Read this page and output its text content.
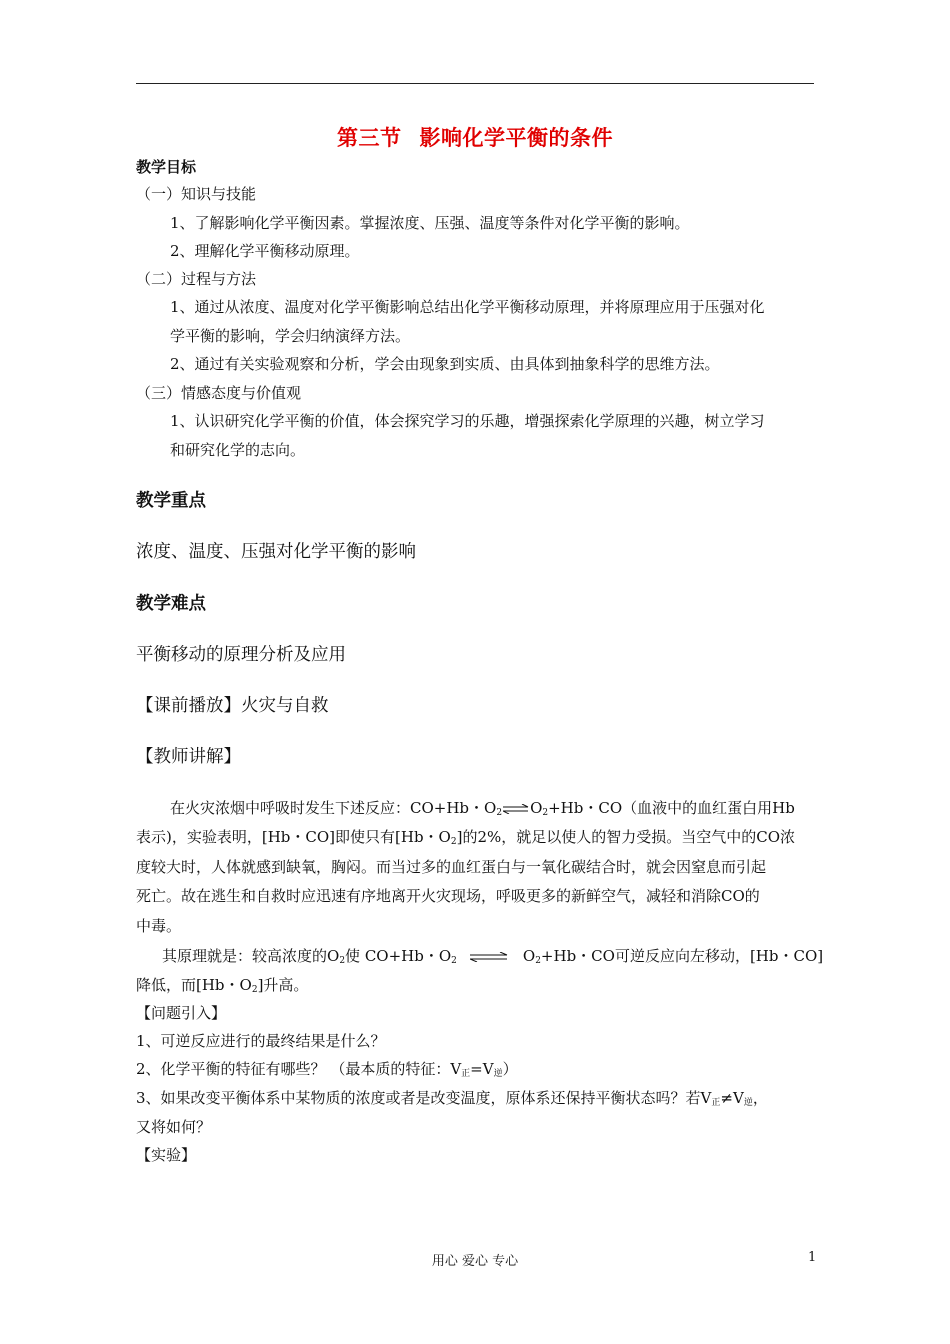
第三节 影响化学平衡的条件
教学目标
（一）知识与技能
1、了解影响化学平衡因素。掌握浓度、压强、温度等条件对化学平衡的影响。
2、理解化学平衡移动原理。
（二）过程与方法
1、通过从浓度、温度对化学平衡影响总结出化学平衡移动原理，并将原理应用于压强对化
学平衡的影响，学会归纳演绎方法。
2、通过有关实验观察和分析，学会由现象到实质、由具体到抽象科学的思维方法。
（三）情感态度与价值观
1、认识研究化学平衡的价值，体会探究学习的乐趣，增强探索化学原理的兴趣，树立学习
和研究化学的志向。
教学重点
浓度、温度、压强对化学平衡的影响
教学难点
平衡移动的原理分析及应用
【课前播放】火灾与自救
【教师讲解】
在火灾浓烟中呼吸时发生下述反应：CO+Hb・$O_2\rightleftharpoons O_2+Hb$・CO（血液中的血红蛋白用Hb
表示)，实验表明，[Hb・CO]即使只有[Hb・$O_2$]的2%，就足以使人的智力受损。当空气中的CO浓
度较大时，人体就感到缺氧，胸闷。而当过多的血红蛋白与一氧化碳结合时，就会因窒息而引起
死亡。故在逃生和自救时应迅速有序地离开火灾现场，呼吸更多的新鲜空气，减轻和消除CO的
中毒。
其原理就是：较高浓度的$O_2$使 CO+Hb・$O_2$ ⇌ $O_2+Hb$・CO可逆反应向左移动，[Hb・CO]
降低，而[Hb・$O_2$]升高。
【问题引入】
1、可逆反应进行的最终结果是什么？
2、化学平衡的特征有哪些？ （最本质的特征：$V_正=V_逆$）
3、如果改变平衡体系中某物质的浓度或者是改变温度，原体系还保持平衡状态吗？若$V_正\ne V_逆$，
又将如何？
【实验】
用心 爱心 专心	1
